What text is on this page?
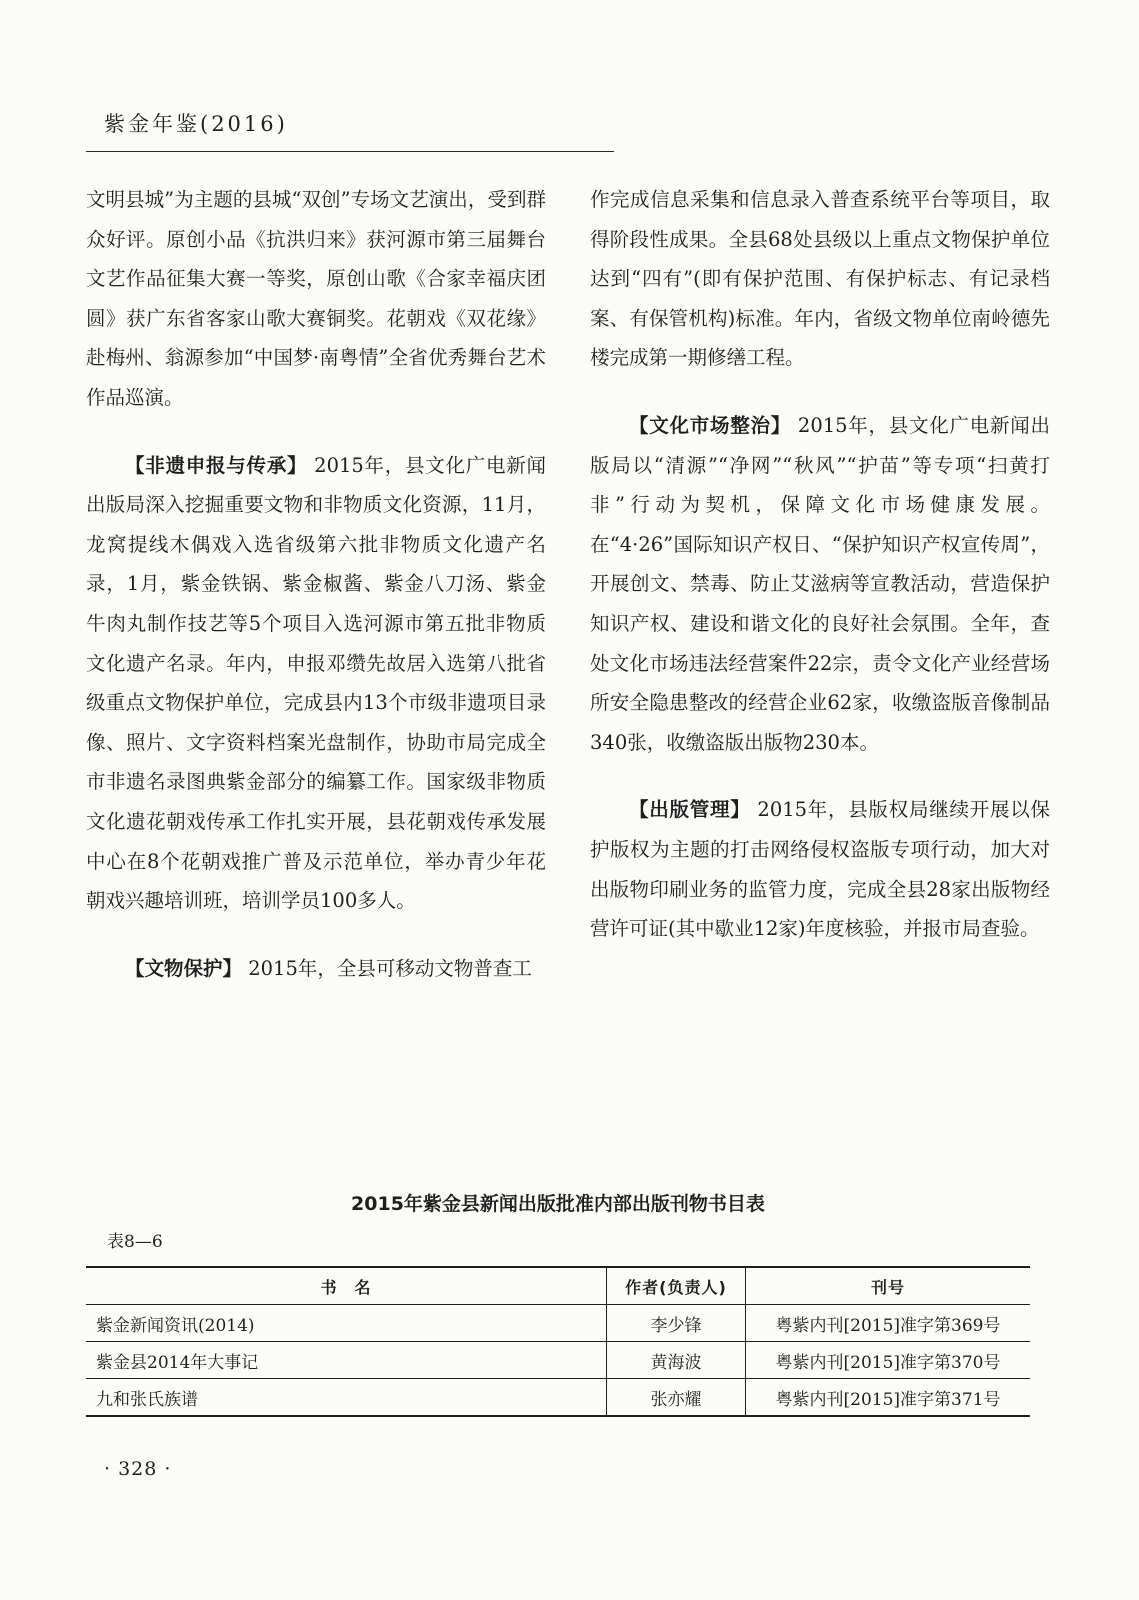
紫金年鉴(2016)

文明县城”为主题的县城“双创”专场文艺演出，受到群众好评。原创小品《抗洪归来》获河源市第三届舞台文艺作品征集大赛一等奖，原创山歌《合家幸福庆团圆》获广东省客家山歌大赛铜奖。花朝戏《双花缘》赴梅州、翁源参加“中国梦·南粤情”全省优秀舞台艺术作品巡演。

【非遗申报与传承】 2015年，县文化广电新闻出版局深入挖掘重要文物和非物质文化资源，11月，龙窝提线木偶戏入选省级第六批非物质文化遗产名录，1月，紫金铁锅、紫金椒酱、紫金八刀汤、紫金牛肉丸制作技艺等5个项目入选河源市第五批非物质文化遗产名录。年内，申报邓缵先故居入选第八批省级重点文物保护单位，完成县内13个市级非遗项目录像、照片、文字资料档案光盘制作，协助市局完成全市非遗名录图典紫金部分的编纂工作。国家级非物质文化遗花朝戏传承工作扎实开展，县花朝戏传承发展中心在8个花朝戏推广普及示范单位，举办青少年花朝戏兴趣培训班，培训学员100多人。

【文物保护】 2015年，全县可移动文物普查工

作完成信息采集和信息录入普查系统平台等项目，取得阶段性成果。全县68处县级以上重点文物保护单位达到“四有”(即有保护范围、有保护标志、有记录档案、有保管机构)标准。年内，省级文物单位南岭德先楼完成第一期修缮工程。

【文化市场整治】 2015年，县文化广电新闻出版局以“清源”“净网”“秋风”“护苗”等专项“扫黄打非”行动为契机，保障文化市场健康发展。在“4·26”国际知识产权日、“保护知识产权宣传周”，开展创文、禁毒、防止艾滋病等宣教活动，营造保护知识产权、建设和谐文化的良好社会氛围。全年，查处文化市场违法经营案件22宗，责令文化产业经营场所安全隐患整改的经营企业62家，收缴盗版音像制品340张，收缴盗版出版物230本。

【出版管理】 2015年，县版权局继续开展以保护版权为主题的打击网络侵权盗版专项行动，加大对出版物印刷业务的监管力度，完成全县28家出版物经营许可证(其中歇业12家)年度核验，并报市局查验。

2015年紫金县新闻出版批准内部出版刊物书目表
表8—6
书　名	作者(负责人)	刊号
紫金新闻资讯(2014)	李少锋	粤紫内刊[2015]准字第369号
紫金县2014年大事记	黄海波	粤紫内刊[2015]准字第370号
九和张氏族谱	张亦耀	粤紫内刊[2015]准字第371号
· 328 ·
